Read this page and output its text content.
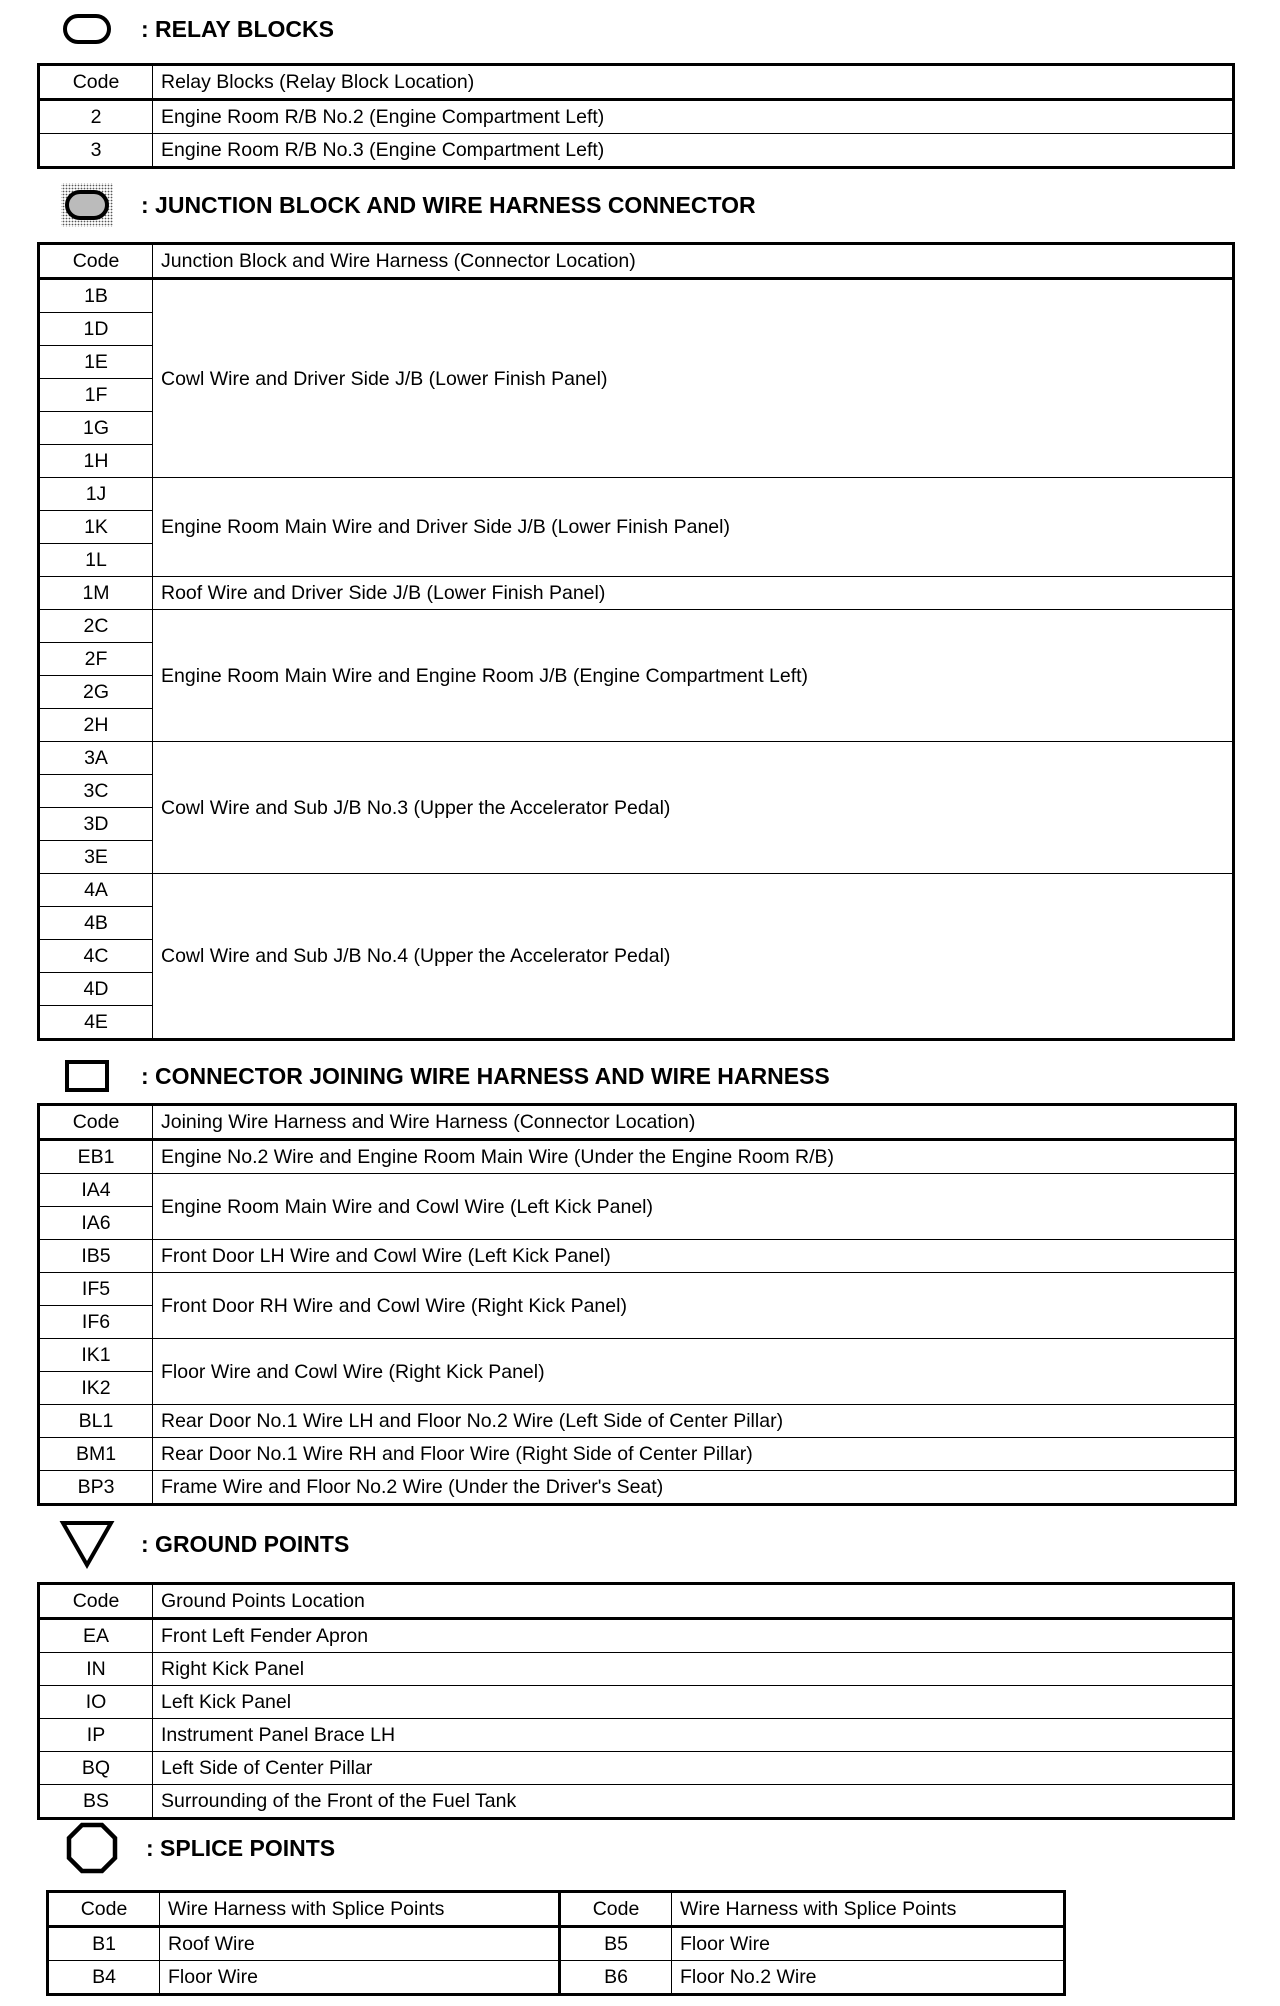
: RELAY BLOCKS
Code	Relay Blocks (Relay Block Location)
2	Engine Room R/B No.2 (Engine Compartment Left)
3	Engine Room R/B No.3 (Engine Compartment Left)
: JUNCTION BLOCK AND WIRE HARNESS CONNECTOR
Code	Junction Block and Wire Harness (Connector Location)
1B	Cowl Wire and Driver Side J/B (Lower Finish Panel)
1D	
1E	
1F	
1G	
1H	
1J	Engine Room Main Wire and Driver Side J/B (Lower Finish Panel)
1K	
1L	
1M	Roof Wire and Driver Side J/B (Lower Finish Panel)
2C	Engine Room Main Wire and Engine Room J/B (Engine Compartment Left)
2F	
2G	
2H	
3A	Cowl Wire and Sub J/B No.3 (Upper the Accelerator Pedal)
3C	
3D	
3E	
4A	Cowl Wire and Sub J/B No.4 (Upper the Accelerator Pedal)
4B	
4C	
4D	
4E	
: CONNECTOR JOINING WIRE HARNESS AND WIRE HARNESS
Code	Joining Wire Harness and Wire Harness (Connector Location)
EB1	Engine No.2 Wire and Engine Room Main Wire (Under the Engine Room R/B)
IA4	Engine Room Main Wire and Cowl Wire (Left Kick Panel)
IA6	
IB5	Front Door LH Wire and Cowl Wire (Left Kick Panel)
IF5	Front Door RH Wire and Cowl Wire (Right Kick Panel)
IF6	
IK1	Floor Wire and Cowl Wire (Right Kick Panel)
IK2	
BL1	Rear Door No.1 Wire LH and Floor No.2 Wire (Left Side of Center Pillar)
BM1	Rear Door No.1 Wire RH and Floor Wire (Right Side of Center Pillar)
BP3	Frame Wire and Floor No.2 Wire (Under the Driver's Seat)
: GROUND POINTS
Code	Ground Points Location
EA	Front Left Fender Apron
IN	Right Kick Panel
IO	Left Kick Panel
IP	Instrument Panel Brace LH
BQ	Left Side of Center Pillar
BS	Surrounding of the Front of the Fuel Tank
: SPLICE POINTS
Code	Wire Harness with Splice Points	Code	Wire Harness with Splice Points
B1	Roof Wire	B5	Floor Wire
B4	Floor Wire	B6	Floor No.2 Wire
